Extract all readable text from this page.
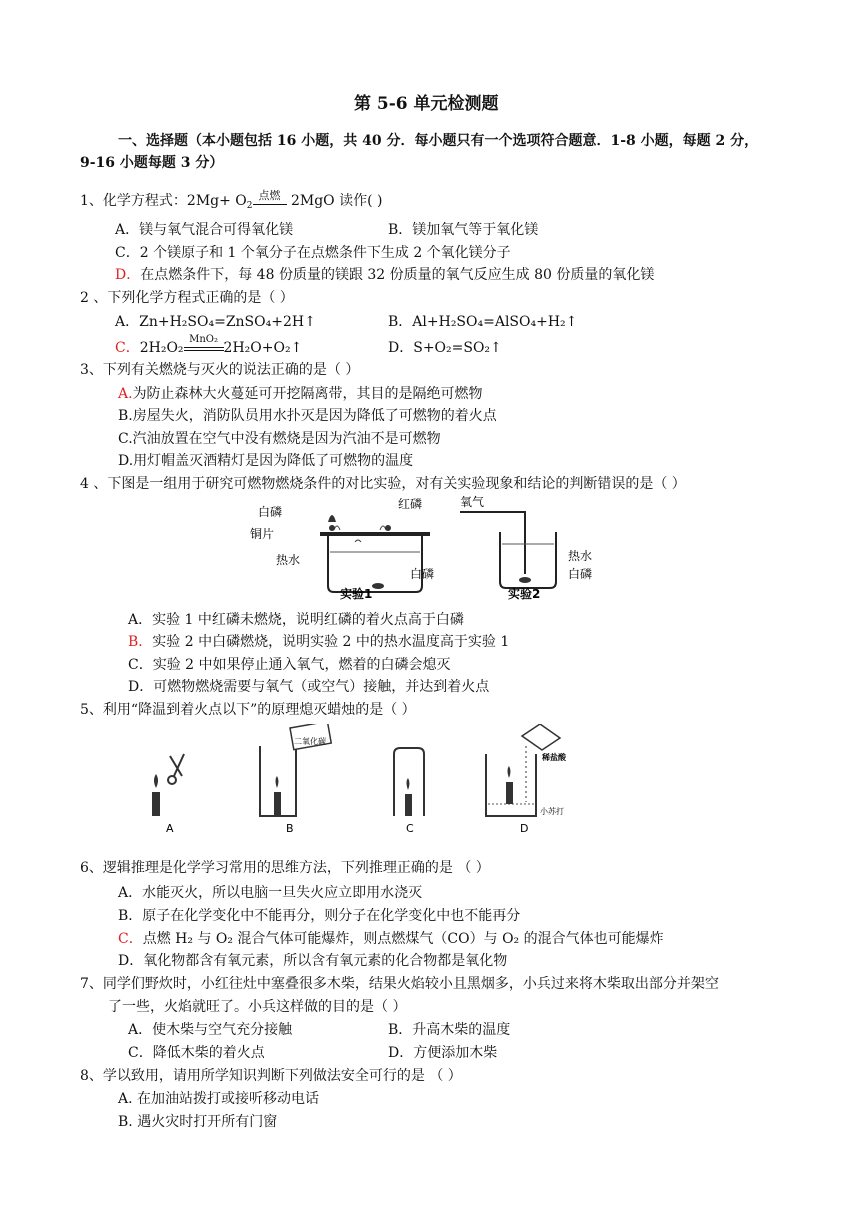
第 5-6 单元检测题
一、选择题（本小题包括 16 小题，共 40 分．每小题只有一个选项符合题意．1-8 小题，每题 2 分，
9-16 小题每题 3 分）
1、化学方程式：$2Mg+ O_2$
点燃 2MgO 读作( )
A．镁与氧气混合可得氧化镁	B．镁加氧气等于氧化镁
C．2 个镁原子和 1 个氧分子在点燃条件下生成 2 个氧化镁分子
D．在点燃条件下，每 48 份质量的镁跟 32 份质量的氧气反应生成 80 份质量的氧化镁
2 、下列化学方程式正确的是（ ）
A．Zn+H₂SO₄=ZnSO₄+2H↑	B．Al+H₂SO₄=AlSO₄+H₂↑
C．2H₂O₂
MnO₂
2H₂O+O₂↑	D．S+O₂=SO₂↑
3、下列有关燃烧与灭火的说法正确的是（ ）
A.为防止森林大火蔓延可开挖隔离带，其目的是隔绝可燃物
B.房屋失火，消防队员用水扑灭是因为降低了可燃物的着火点
C.汽油放置在空气中没有燃烧是因为汽油不是可燃物
D.用灯帽盖灭酒精灯是因为降低了可燃物的温度
4 、下图是一组用于研究可燃物燃烧条件的对比实验，对有关实验现象和结论的判断错误的是（ ）
白磷
红磷
铜片
热水
白磷
实验1
氧气
热水
白磷
实验2
A．实验 1 中红磷未燃烧，说明红磷的着火点高于白磷
B．实验 2 中白磷燃烧，说明实验 2 中的热水温度高于实验 1
C．实验 2 中如果停止通入氧气，燃着的白磷会熄灭
D．可燃物燃烧需要与氧气（或空气）接触，并达到着火点
5、利用“降温到着火点以下”的原理熄灭蜡烛的是（ ）
A
二氧化碳
B	C
稀盐酸
小苏打
D
6、逻辑推理是化学学习常用的思维方法，下列推理正确的是 （ ）
A．水能灭火，所以电脑一旦失火应立即用水浇灭
B．原子在化学变化中不能再分，则分子在化学变化中也不能再分
C．点燃 H₂ 与 O₂ 混合气体可能爆炸，则点燃煤气（CO）与 O₂ 的混合气体也可能爆炸
D．氧化物都含有氧元素，所以含有氧元素的化合物都是氧化物
7、同学们野炊时，小红往灶中塞叠很多木柴，结果火焰较小且黑烟多，小兵过来将木柴取出部分并架空
了一些，火焰就旺了。小兵这样做的目的是（ ）
A．使木柴与空气充分接触	B．升高木柴的温度
C．降低木柴的着火点	D．方便添加木柴
8、学以致用，请用所学知识判断下列做法安全可行的是 （ ）
A. 在加油站拨打或接听移动电话
B. 遇火灾时打开所有门窗
